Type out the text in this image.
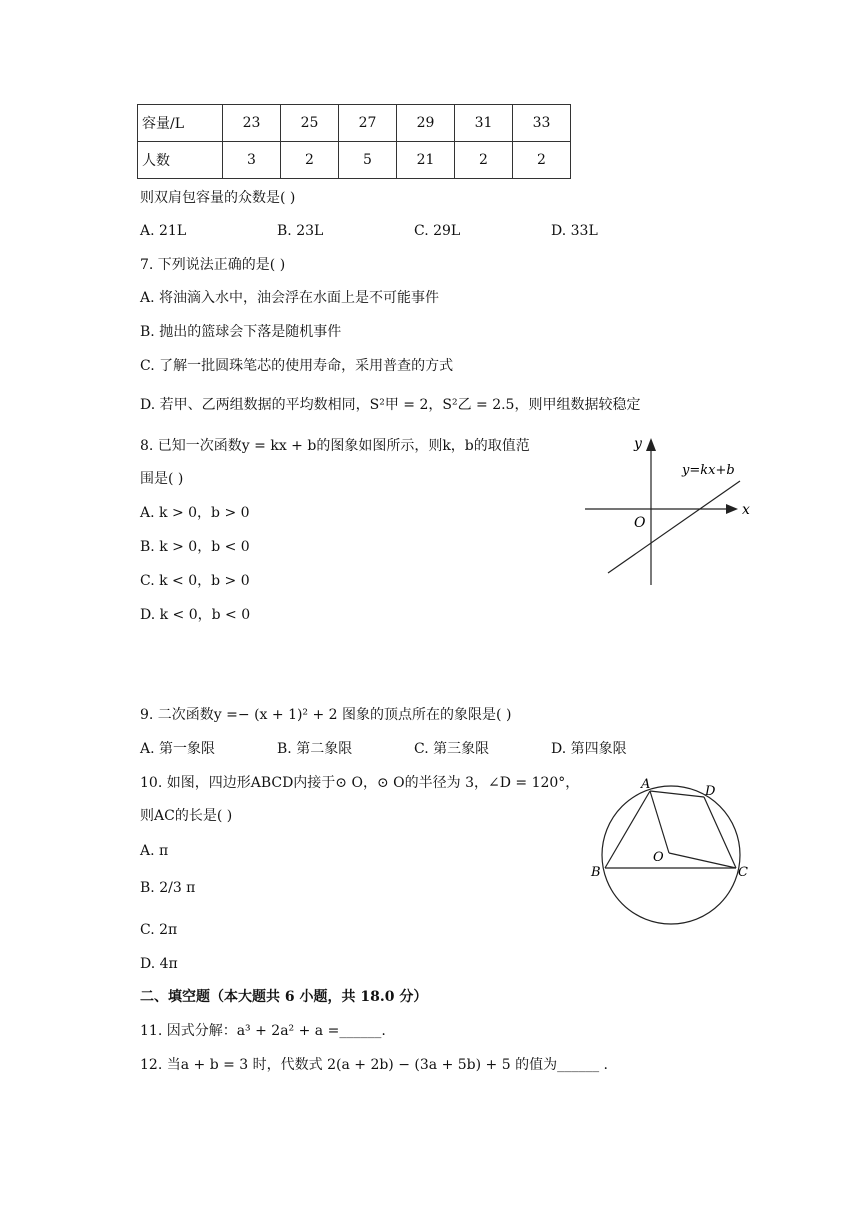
容量/L	23	25	27	29	31	33
人数	3	2	5	21	2	2
则双肩包容量的众数是( )
A. 21L	B. 23L	C. 29L	D. 33L
7. 下列说法正确的是( )
A. 将油滴入水中，油会浮在水面上是不可能事件
B. 抛出的篮球会下落是随机事件
C. 了解一批圆珠笔芯的使用寿命，采用普查的方式
D. 若甲、乙两组数据的平均数相同，S²甲 = 2，S²乙 = 2.5，则甲组数据较稳定
8. 已知一次函数y = kx + b的图象如图所示，则k，b的取值范
围是( )
A. k > 0，b > 0
B. k > 0，b < 0
C. k < 0，b > 0
D. k < 0，b < 0
x
y
O
y=kx+b
9. 二次函数y =− (x + 1)² + 2 图象的顶点所在的象限是( )
A. 第一象限	B. 第二象限	C. 第三象限	D. 第四象限
10. 如图，四边形ABCD内接于⊙ O，⊙ O的半径为 3，∠D = 120°，
则AC的长是( )
A. π
B. 2/3 π
C. 2π
D. 4π
A	D
B	C
O
二、填空题（本大题共 6 小题，共 18.0 分）
11. 因式分解：a³ + 2a² + a =______.
12. 当a + b = 3 时，代数式 2(a + 2b) − (3a + 5b) + 5 的值为______ .
